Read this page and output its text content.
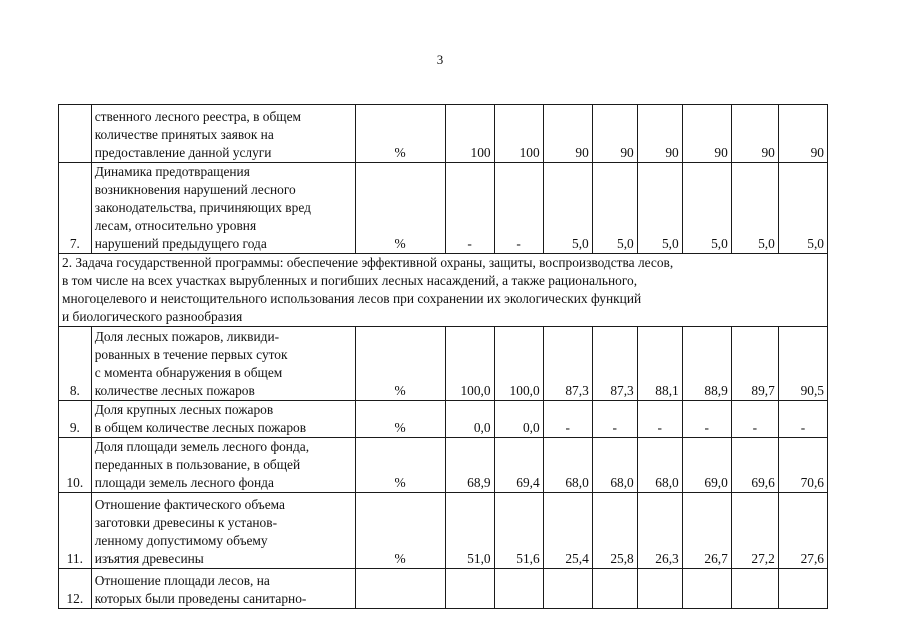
3

	ственного лесного реестра, в общем
количестве принятых заявок на
предоставление данной услуги	%	100	100	90	90	90	90	90	90
7.	Динамика предотвращения
возникновения нарушений лесного
законодательства, причиняющих вред
лесам, относительно уровня
нарушений предыдущего года	%	-	-	5,0	5,0	5,0	5,0	5,0	5,0

2. Задача государственной программы: обеспечение эффективной охраны, защиты, воспроизводства лесов,
в том числе на всех участках вырубленных и погибших лесных насаждений, а также рационального,
многоцелевого и неистощительного использования лесов при сохранении их экологических функций
и биологического разнообразия										

8.	Доля лесных пожаров, ликвиди-
рованных в течение первых суток
с момента обнаружения в общем
количестве лесных пожаров	%	100,0	100,0	87,3	87,3	88,1	88,9	89,7	90,5
9.	Доля крупных лесных пожаров
в общем количестве лесных пожаров	%	0,0	0,0	-	-	-	-	-	-
10.	Доля площади земель лесного фонда,
переданных в пользование, в общей
площади земель лесного фонда	%	68,9	69,4	68,0	68,0	68,0	69,0	69,6	70,6
11.	Отношение фактического объема
заготовки древесины к установ-
ленному допустимому объему
изъятия древесины	%	51,0	51,6	25,4	25,8	26,3	26,7	27,2	27,6
12.	Отношение площади лесов, на
которых были проведены санитарно-									
